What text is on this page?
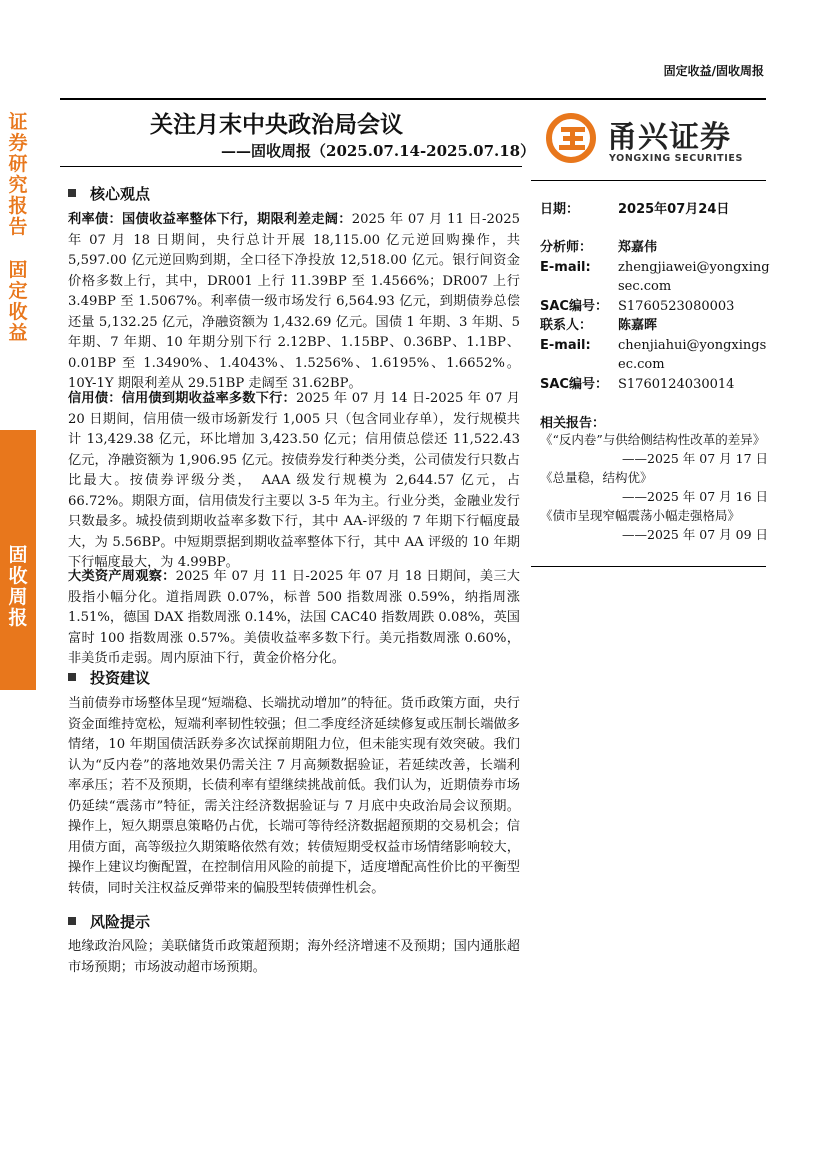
证券研究报告
固定收益
固收周报
固定收益/固收周报
关注月末中央政治局会议
——固收周报（2025.07.14-2025.07.18） 甬兴证券
YONGXING SECURITIES
核心观点
利率债：国债收益率整体下行，期限利差走阔：2025 年 07 月 11 日-2025 年 07 月 18 日期间，央行总计开展 18,115.00 亿元逆回购操作，共 5,597.00 亿元逆回购到期，全口径下净投放 12,518.00 亿元。银行间资金价格多数上行，其中，DR001 上行 11.39BP 至 1.4566%；DR007 上行 3.49BP 至 1.5067%。利率债一级市场发行 6,564.93 亿元，到期债券总偿还量 5,132.25 亿元，净融资额为 1,432.69 亿元。国债 1 年期、3 年期、5 年期、7 年期、10 年期分别下行 2.12BP、1.15BP、0.36BP、1.1BP、0.01BP 至 1.3490%、1.4043%、1.5256%、1.6195%、1.6652%。10Y-1Y 期限利差从 29.51BP 走阔至 31.62BP。
信用债：信用债到期收益率多数下行：2025 年 07 月 14 日-2025 年 07 月 20 日期间，信用债一级市场新发行 1,005 只（包含同业存单），发行规模共计 13,429.38 亿元，环比增加 3,423.50 亿元；信用债总偿还 11,522.43 亿元，净融资额为 1,906.95 亿元。按债券发行种类分类，公司债发行只数占比最大。按债券评级分类，　AAA 级发行规模为 2,644.57 亿元，占 66.72%。期限方面，信用债发行主要以 3-5 年为主。行业分类，金融业发行只数最多。城投债到期收益率多数下行，其中 AA-评级的 7 年期下行幅度最大，为 5.56BP。中短期票据到期收益率整体下行，其中 AA 评级的 10 年期下行幅度最大，为 4.99BP。
大类资产周观察：2025 年 07 月 11 日-2025 年 07 月 18 日期间，美三大股指小幅分化。道指周跌 0.07%，标普 500 指数周涨 0.59%，纳指周涨 1.51%，德国 DAX 指数周涨 0.14%，法国 CAC40 指数周跌 0.08%，英国富时 100 指数周涨 0.57%。美债收益率多数下行。美元指数周涨 0.60%，非美货币走弱。周内原油下行，黄金价格分化。
投资建议
当前债券市场整体呈现“短端稳、长端扰动增加”的特征。货币政策方面，央行资金面维持宽松，短端利率韧性较强；但二季度经济延续修复或压制长端做多情绪，10 年期国债活跃券多次试探前期阻力位，但未能实现有效突破。我们认为“反内卷”的落地效果仍需关注 7 月高频数据验证，若延续改善，长端利率承压；若不及预期，长债利率有望继续挑战前低。我们认为，近期债券市场仍延续“震荡市”特征，需关注经济数据验证与 7 月底中央政治局会议预期。操作上，短久期票息策略仍占优，长端可等待经济数据超预期的交易机会；信用债方面，高等级拉久期策略依然有效；转债短期受权益市场情绪影响较大，操作上建议均衡配置，在控制信用风险的前提下，适度增配高性价比的平衡型转债，同时关注权益反弹带来的偏股型转债弹性机会。
风险提示
地缘政治风险；美联储货币政策超预期；海外经济增速不及预期；国内通胀超市场预期；市场波动超市场预期。
日期：	2025年07月24日
分析师：	郑嘉伟
E-mail:	zhengjiawei@yongxingsec.com
SAC编号： S1760523080003
联系人：	陈嘉晖
E-mail:	chenjiahui@yongxingsec.com
SAC编号： S1760124030014
相关报告：
《“反内卷”与供给侧结构性改革的差异》
——2025 年 07 月 17 日
《总量稳，结构优》
——2025 年 07 月 16 日
《债市呈现窄幅震荡小幅走强格局》
——2025 年 07 月 09 日
